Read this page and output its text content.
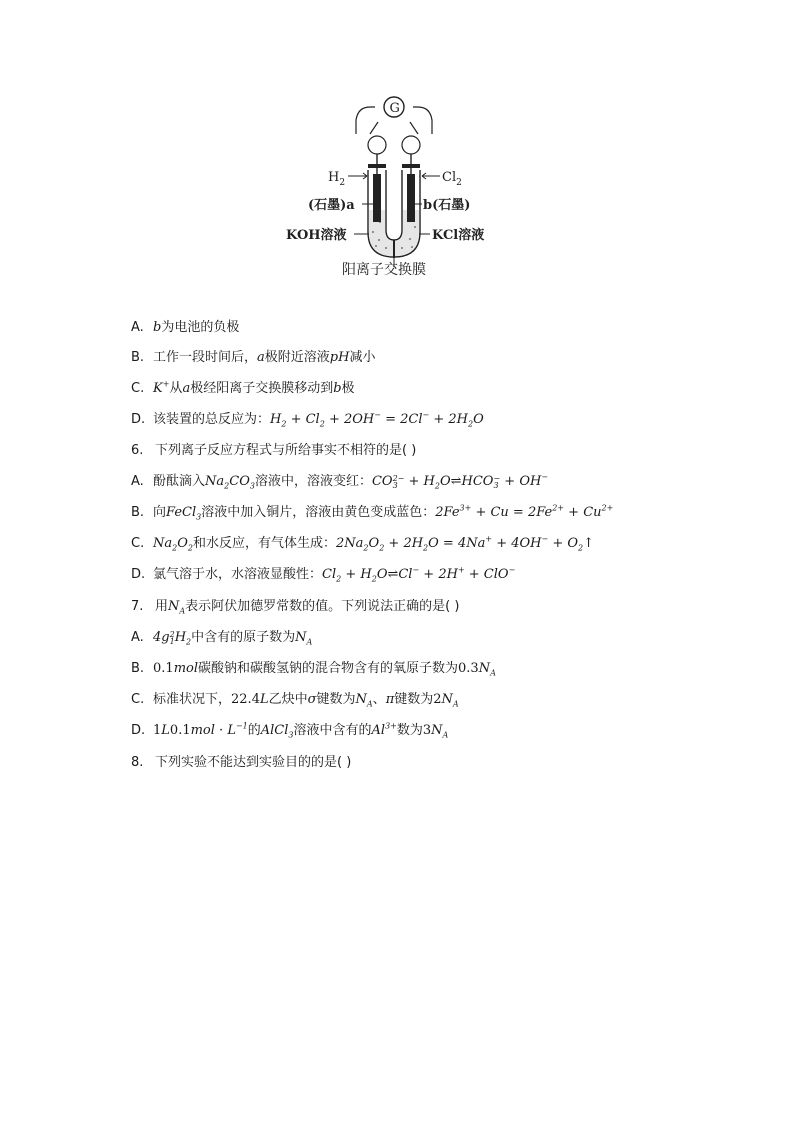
G
$H_2$	$Cl_2$
(石墨)a	b(石墨)
KOH溶液	KCl溶液
阳离子交换膜
A. b为电池的负极
B. 工作一段时间后，a极附近溶液pH减小
C. K+从a极经阳离子交换膜移动到b极
D. 该装置的总反应为：$H_2 + Cl_2 + 2OH^- = 2Cl^- + 2H_2O$
6. 下列离子反应方程式与所给事实不相符的是( )
A. 酚酞滴入$Na_2CO_3$溶液中，溶液变红：CO 2−
$3 + H_2O\rightleftharpoons HCO$ −
3 + OH−
B. 向FeCl$_3$溶液中加入铜片，溶液由黄色变成蓝色：$2Fe^{3+} + Cu = 2Fe^{2+} + Cu^{2+}$
C. $Na_2O_2$和水反应，有气体生成：$2Na_2O_2 + 2H_2O = 4Na^+ + 4OH^-$ + $O_2↑$
D. 氯气溶于水，水溶液显酸性：$Cl_2$ + $H_2O\rightleftharpoons Cl^- + 2H^+ + ClO^-$
7. 用$N_A$表示阿伏加德罗常数的值。下列说法正确的是( )
A. 4g 2
1 $H_2$中含有的原子数为$N_A$
B. 0.1mol碳酸钠和碳酸氢钠的混合物含有的氧原子数为$0.3N_A$
C. 标准状况下，22.4L乙炔中σ键数为$N_A$、π键数为$2N_A$
D. $1L0.1mol \cdot L^{-1}$的AlCl$_3$溶液中含有的$Al^{3+}$数为$3N_A$
8. 下列实验不能达到实验目的的是( )
